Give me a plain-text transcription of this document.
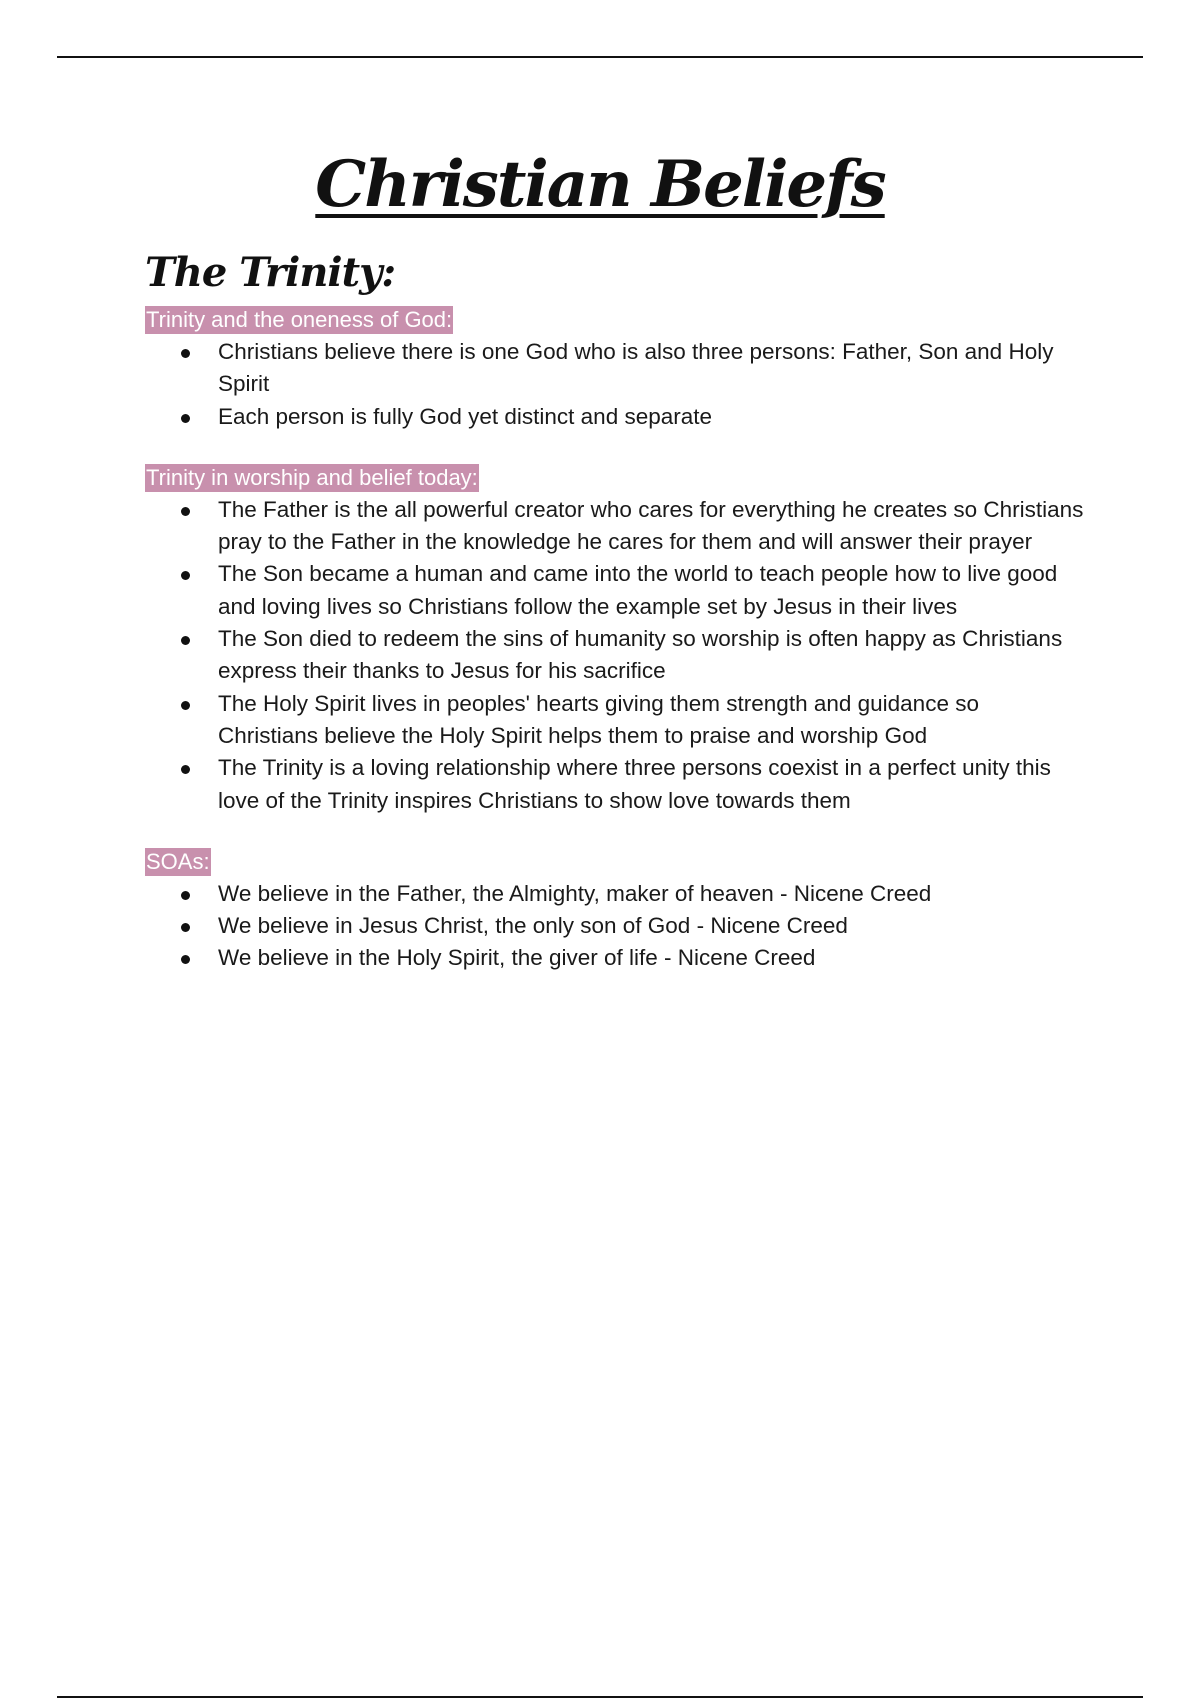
Christian Beliefs
The Trinity:
Trinity and the oneness of God:
Christians believe there is one God who is also three persons: Father, Son and Holy Spirit
Each person is fully God yet distinct and separate
Trinity in worship and belief today:
The Father is the all powerful creator who cares for everything he creates so Christians pray to the Father in the knowledge he cares for them and will answer their prayer
The Son became a human and came into the world to teach people how to live good and loving lives so Christians follow the example set by Jesus in their lives
The Son died to redeem the sins of humanity so worship is often happy as Christians express their thanks to Jesus for his sacrifice
The Holy Spirit lives in peoples' hearts giving them strength and guidance so Christians believe the Holy Spirit helps them to praise and worship God
The Trinity is a loving relationship where three persons coexist in a perfect unity this love of the Trinity inspires Christians to show love towards them
SOAs:
We believe in the Father, the Almighty, maker of heaven - Nicene Creed
We believe in Jesus Christ, the only son of God - Nicene Creed
We believe in the Holy Spirit, the giver of life - Nicene Creed
